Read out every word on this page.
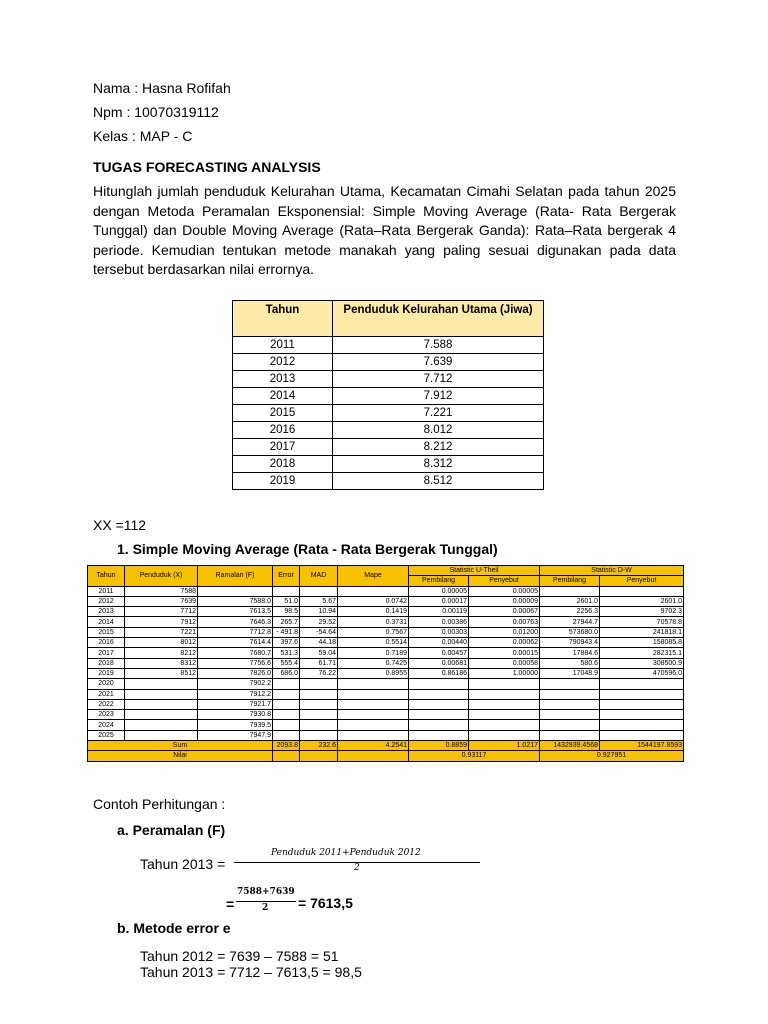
Nama : Hasna Rofifah
Npm : 10070319112
Kelas : MAP - C
TUGAS FORECASTING ANALYSIS
Hitunglah jumlah penduduk Kelurahan Utama, Kecamatan Cimahi Selatan pada tahun 2025 dengan Metoda Peramalan Eksponensial: Simple Moving Average (Rata- Rata Bergerak Tunggal) dan Double Moving Average (Rata–Rata Bergerak Ganda): Rata–Rata bergerak 4 periode. Kemudian tentukan metode manakah yang paling sesuai digunakan pada data tersebut berdasarkan nilai errornya.
Tahun	Penduduk Kelurahan Utama (Jiwa)
2011	7.588
2012	7.639
2013	7.712
2014	7.912
2015	7.221
2016	8.012
2017	8.212
2018	8.312
2019	8.512
XX =112
1. Simple Moving Average (Rata - Rata Bergerak Tunggal)
Tahun	Penduduk (X)	Ramalan (F)	Error	MAD	Mape	Statistic U-Theil		Statistic D-W	
						Pembilang	Penyebut	Pembilang	Penyebut
2011	7588					0.00005	0.00005		
2012	7639	7588.0	51.0	5.67	0.0742	0.00017	0.00009	2601.0	2601.0
2013	7712	7613.5	98.5	10.94	0.1419	0.00119	0.00067	2256.3	9702.3
2014	7912	7646.3	265.7	29.52	0.3731	0.00386	0.00763	27944.7	70578.8
2015	7221	7712.8	- 491.8	-54.64	0.7567	0.00303	0.01200	573680.0	241818.1
2016	8012	7614.4	397.6	44.18	0.5514	0.00440	0.00062	790943.4	158085.8
2017	8212	7680.7	531.3	59.04	0.7189	0.00457	0.00015	17884.6	282315.1
2018	8312	7756.6	555.4	61.71	0.7425	0.00681	0.00058	580.6	308500.9
2019	8512	7826.0	686.0	76.22	0.8955	0.86186	1.00000	17048.9	470596.0
2020		7902.2							
2021		7912.2							
2022		7921.7							
2023		7930.8							
2024		7939.5							
2025		7947.9							
Sum			2093.8	232.6	4.2541	0.8859	1.0217	1432939.4568	1544197.8593
Nilai						0.93117		0.927951	
Contoh Perhitungan :
a. Peramalan (F)
Tahun 2013 =
Penduduk 2011+Penduduk 2012
2
=
7588+7639
2 = 7613,5
b. Metode error e
Tahun 2012 = 7639 – 7588 = 51
Tahun 2013 = 7712 – 7613,5 = 98,5
